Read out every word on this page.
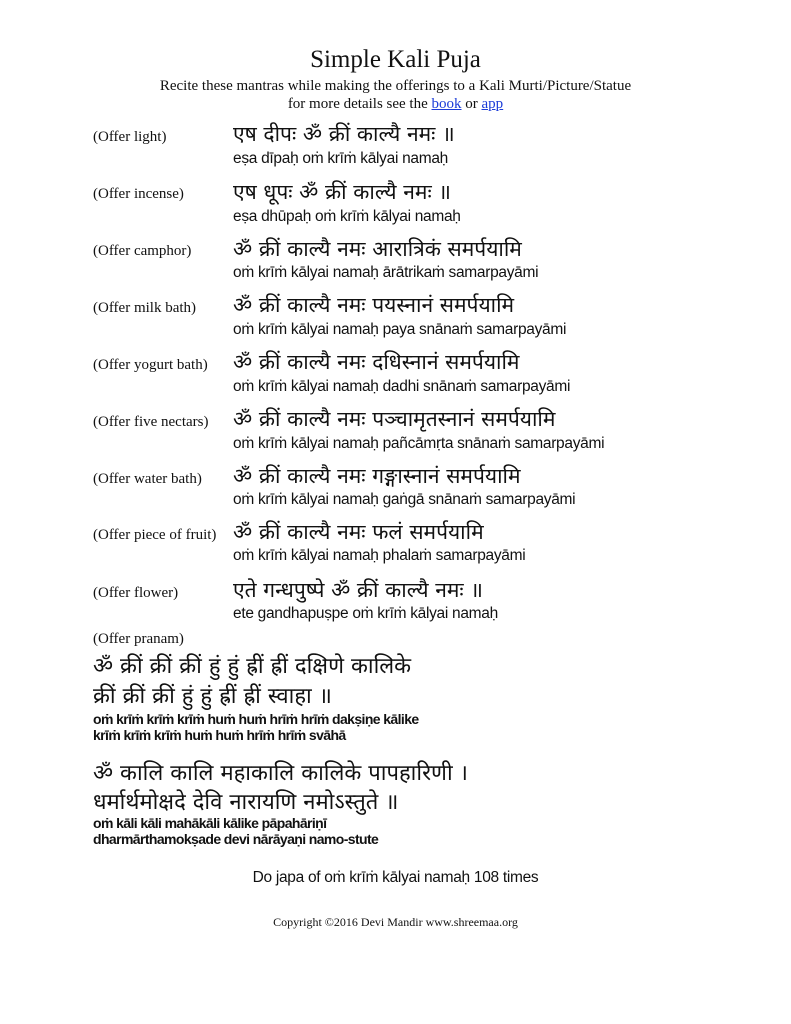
Simple Kali Puja
Recite these mantras while making the offerings to a Kali Murti/Picture/Statue
for more details see the book or app
(Offer light)	एष दीपः ॐ क्रीं काल्यै नमः ॥
eṣa dīpaḥ oṁ krīṁ kālyai namaḥ
(Offer incense) एष धूपः ॐ क्रीं काल्यै नमः ॥
eṣa dhūpaḥ oṁ krīṁ kālyai namaḥ
(Offer camphor) ॐ क्रीं काल्यै नमः आरात्रिकं समर्पयामि
oṁ krīṁ kālyai namaḥ ārātrikaṁ samarpayāmi
(Offer milk bath) ॐ क्रीं काल्यै नमः पयस्नानं समर्पयामि
oṁ krīṁ kālyai namaḥ paya snānaṁ samarpayāmi
(Offer yogurt bath) ॐ क्रीं काल्यै नमः दधिस्नानं समर्पयामि
oṁ krīṁ kālyai namaḥ dadhi snānaṁ samarpayāmi
(Offer five nectars) ॐ क्रीं काल्यै नमः पञ्चामृतस्नानं समर्पयामि
oṁ krīṁ kālyai namaḥ pañcāmṛta snānaṁ samarpayāmi
(Offer water bath) ॐ क्रीं काल्यै नमः गङ्गास्नानं समर्पयामि
oṁ krīṁ kālyai namaḥ gaṅgā snānaṁ samarpayāmi
(Offer piece of fruit) ॐ क्रीं काल्यै नमः फलं समर्पयामि
oṁ krīṁ kālyai namaḥ phalaṁ samarpayāmi
(Offer flower)	एते गन्धपुष्पे ॐ क्रीं काल्यै नमः ॥
ete gandhapuṣpe oṁ krīṁ kālyai namaḥ
(Offer pranam)
ॐ क्रीं क्रीं क्रीं हुं हुं ह्रीं ह्रीं दक्षिणे कालिके
क्रीं क्रीं क्रीं हुं हुं ह्रीं ह्रीं स्वाहा ॥
oṁ krīṁ krīṁ krīṁ huṁ huṁ hrīṁ hrīṁ dakṣiṇe kālike
krīṁ krīṁ krīṁ huṁ huṁ hrīṁ hrīṁ svāhā
ॐ कालि कालि महाकालि कालिके पापहारिणी ।
धर्मार्थमोक्षदे देवि नारायणि नमोऽस्तुते ॥
oṁ kāli kāli mahākāli kālike pāpahāriṇī
dharmārthamokṣade devi nārāyaṇi namo-stute
Do japa of oṁ krīṁ kālyai namaḥ 108 times
Copyright ©2016 Devi Mandir www.shreemaa.org
